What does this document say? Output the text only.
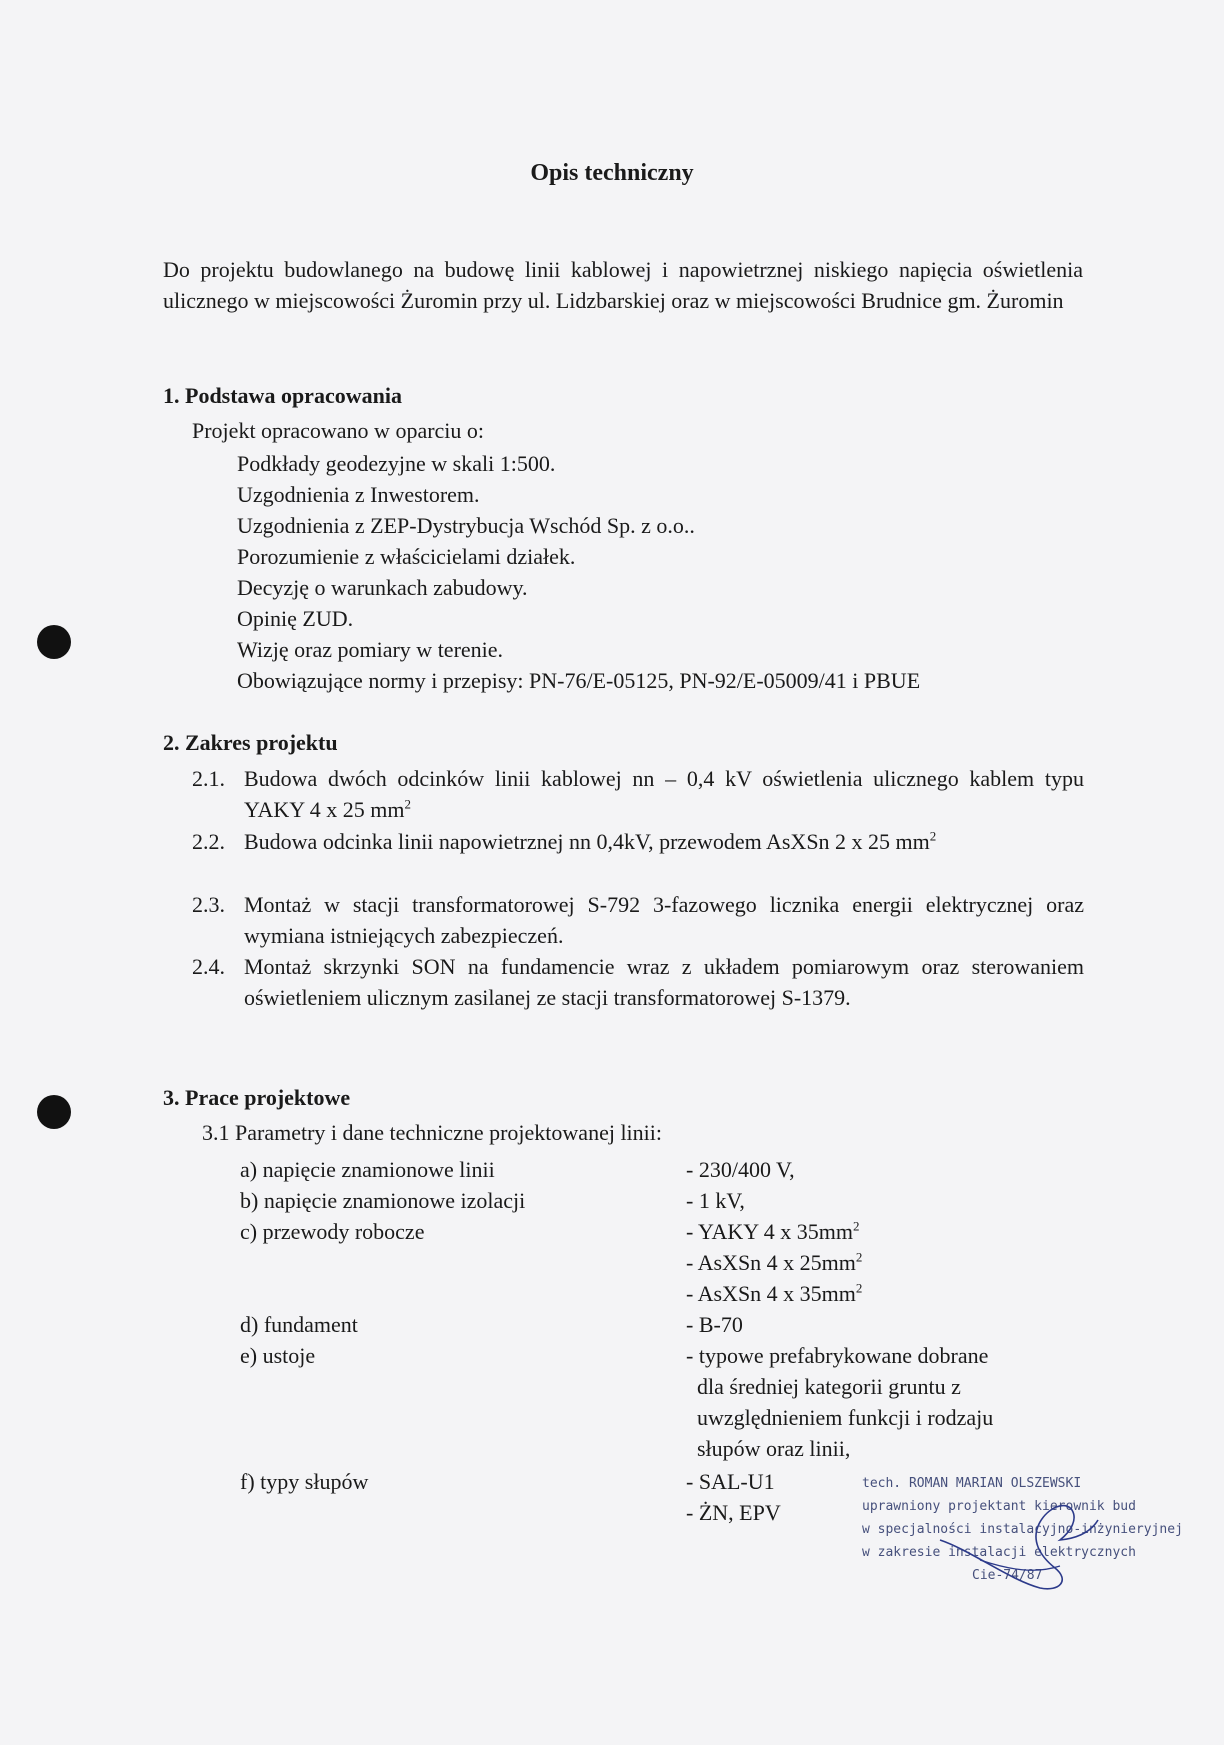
Opis techniczny
Do projektu budowlanego na budowę linii kablowej i napowietrznej niskiego napięcia oświetlenia ulicznego w miejscowości Żuromin przy ul. Lidzbarskiej oraz w miejscowości Brudnice gm. Żuromin
1. Podstawa opracowania
Projekt opracowano w oparciu o:
Podkłady geodezyjne w skali 1:500.
Uzgodnienia z Inwestorem.
Uzgodnienia z ZEP-Dystrybucja Wschód Sp. z o.o..
Porozumienie z właścicielami działek.
Decyzję o warunkach zabudowy.
Opinię ZUD.
Wizję oraz pomiary w terenie.
Obowiązujące normy i przepisy: PN-76/E-05125, PN-92/E-05009/41 i PBUE
2. Zakres projektu
2.1. Budowa dwóch odcinków linii kablowej nn – 0,4 kV oświetlenia ulicznego kablem typu YAKY 4 x 25 $mm^2$
2.2. Budowa odcinka linii napowietrznej nn 0,4kV, przewodem AsXSn 2 x 25 $mm^2$
2.3. Montaż w stacji transformatorowej S-792 3-fazowego licznika energii elektrycznej oraz wymiana istniejących zabezpieczeń.
2.4. Montaż skrzynki SON na fundamencie wraz z układem pomiarowym oraz sterowaniem oświetleniem ulicznym zasilanej ze stacji transformatorowej S-1379.
3. Prace projektowe
3.1 Parametry i dane techniczne projektowanej linii:
a) napięcie znamionowe linii	- 230/400 V,
b) napięcie znamionowe izolacji	- 1 kV,
c) przewody robocze	- YAKY 4 x $35mm^2$
- AsXSn 4 x $25mm^2$
- AsXSn 4 x $35mm^2$
d) fundament	- B-70
e) ustoje	- typowe prefabrykowane dobrane
dla średniej kategorii gruntu z
uwzględnieniem funkcji i rodzaju
słupów oraz linii,
f) typy słupów	- SAL-U1
- ŻN, EPV
tech. ROMAN MARIAN OLSZEWSKI
uprawniony projektant kierownik bud
w specjalności instalacyjno-inżynieryjnej
w zakresie instalacji elektrycznych
Cie-74/87
